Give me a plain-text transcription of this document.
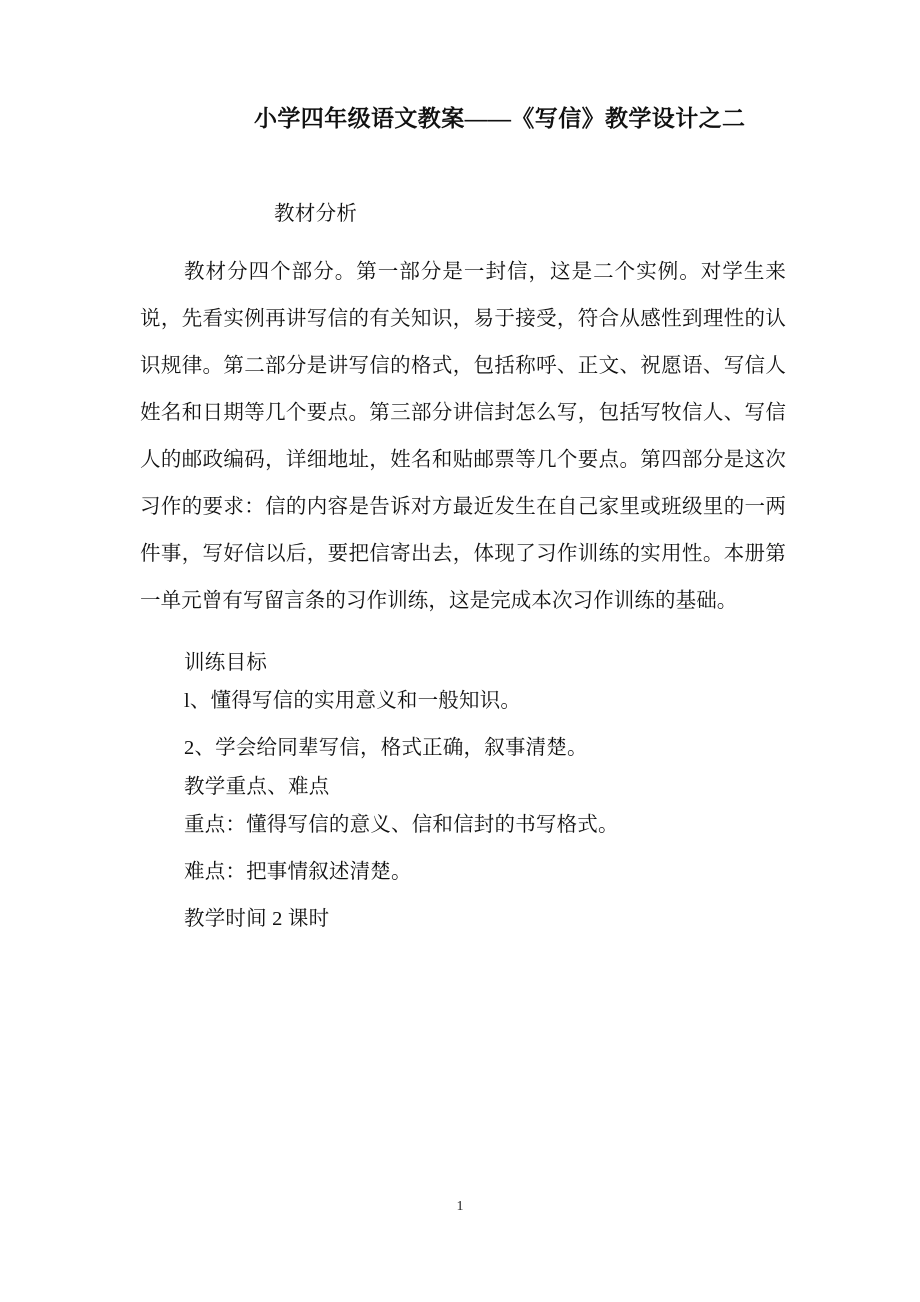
小学四年级语文教案——《写信》教学设计之二
教材分析

教材分四个部分。第一部分是一封信，这是二个实例。对学生来说，先看实例再讲写信的有关知识，易于接受，符合从感性到理性的认识规律。第二部分是讲写信的格式，包括称呼、正文、祝愿语、写信人姓名和日期等几个要点。第三部分讲信封怎么写，包括写牧信人、写信人的邮政编码，详细地址，姓名和贴邮票等几个要点。第四部分是这次习作的要求：信的内容是告诉对方最近发生在自己家里或班级里的一两件事，写好信以后，要把信寄出去，体现了习作训练的实用性。本册第一单元曾有写留言条的习作训练，这是完成本次习作训练的基础。

训练目标

l、懂得写信的实用意义和一般知识。

2、学会给同辈写信，格式正确，叙事清楚。

教学重点、难点

重点：懂得写信的意义、信和信封的书写格式。

难点：把事情叙述清楚。

教学时间 2 课时

1
